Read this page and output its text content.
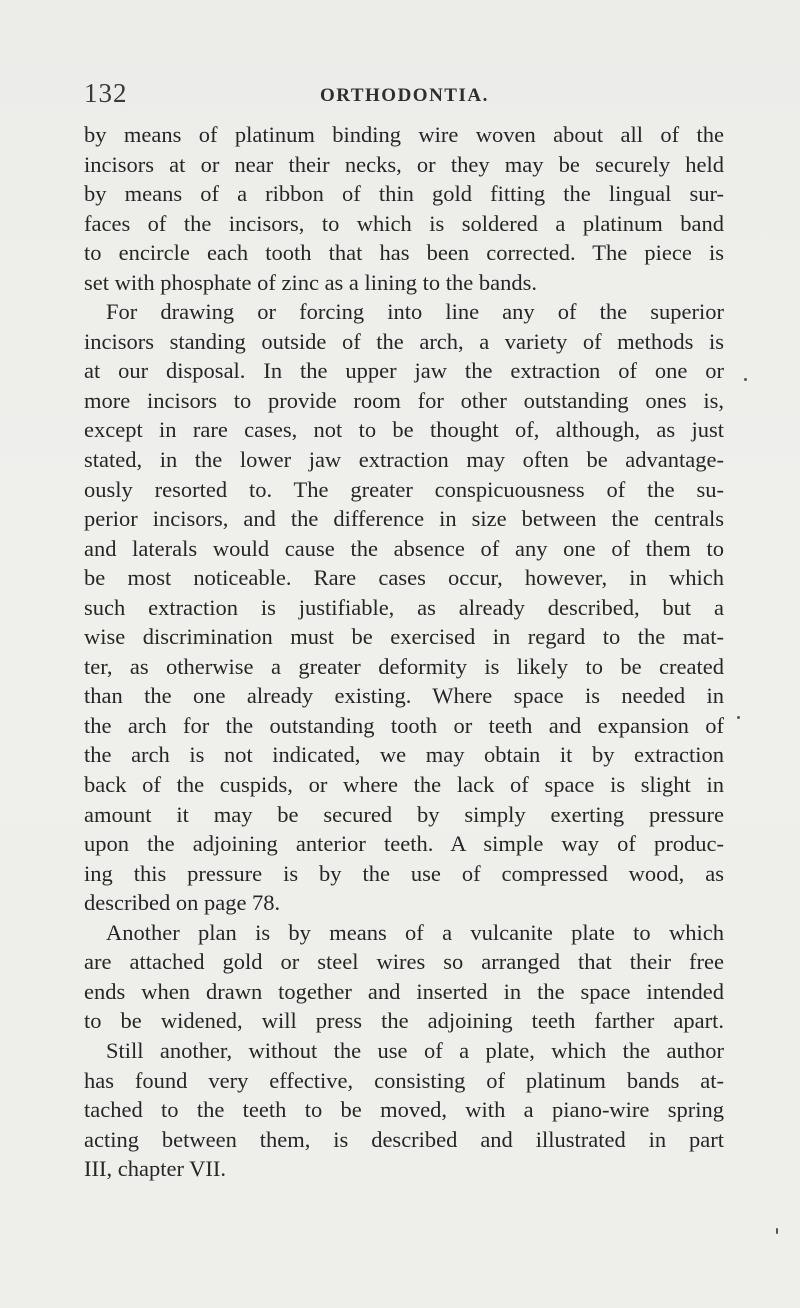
132	ORTHODONTIA.
by means of platinum binding wire woven about all of the
incisors at or near their necks, or they may be securely held
by means of a ribbon of thin gold fitting the lingual sur-
faces of the incisors, to which is soldered a platinum band
to encircle each tooth that has been corrected. The piece is
set with phosphate of zinc as a lining to the bands.
For drawing or forcing into line any of the superior
incisors standing outside of the arch, a variety of methods is
at our disposal. In the upper jaw the extraction of one or
more incisors to provide room for other outstanding ones is,
except in rare cases, not to be thought of, although, as just
stated, in the lower jaw extraction may often be advantage-
ously resorted to. The greater conspicuousness of the su-
perior incisors, and the difference in size between the centrals
and laterals would cause the absence of any one of them to
be most noticeable. Rare cases occur, however, in which
such extraction is justifiable, as already described, but a
wise discrimination must be exercised in regard to the mat-
ter, as otherwise a greater deformity is likely to be created
than the one already existing. Where space is needed in
the arch for the outstanding tooth or teeth and expansion of
the arch is not indicated, we may obtain it by extraction
back of the cuspids, or where the lack of space is slight in
amount it may be secured by simply exerting pressure
upon the adjoining anterior teeth. A simple way of produc-
ing this pressure is by the use of compressed wood, as
described on page 78.
Another plan is by means of a vulcanite plate to which
are attached gold or steel wires so arranged that their free
ends when drawn together and inserted in the space intended
to be widened, will press the adjoining teeth farther apart.
Still another, without the use of a plate, which the author
has found very effective, consisting of platinum bands at-
tached to the teeth to be moved, with a piano-wire spring
acting between them, is described and illustrated in part
III, chapter VII.
